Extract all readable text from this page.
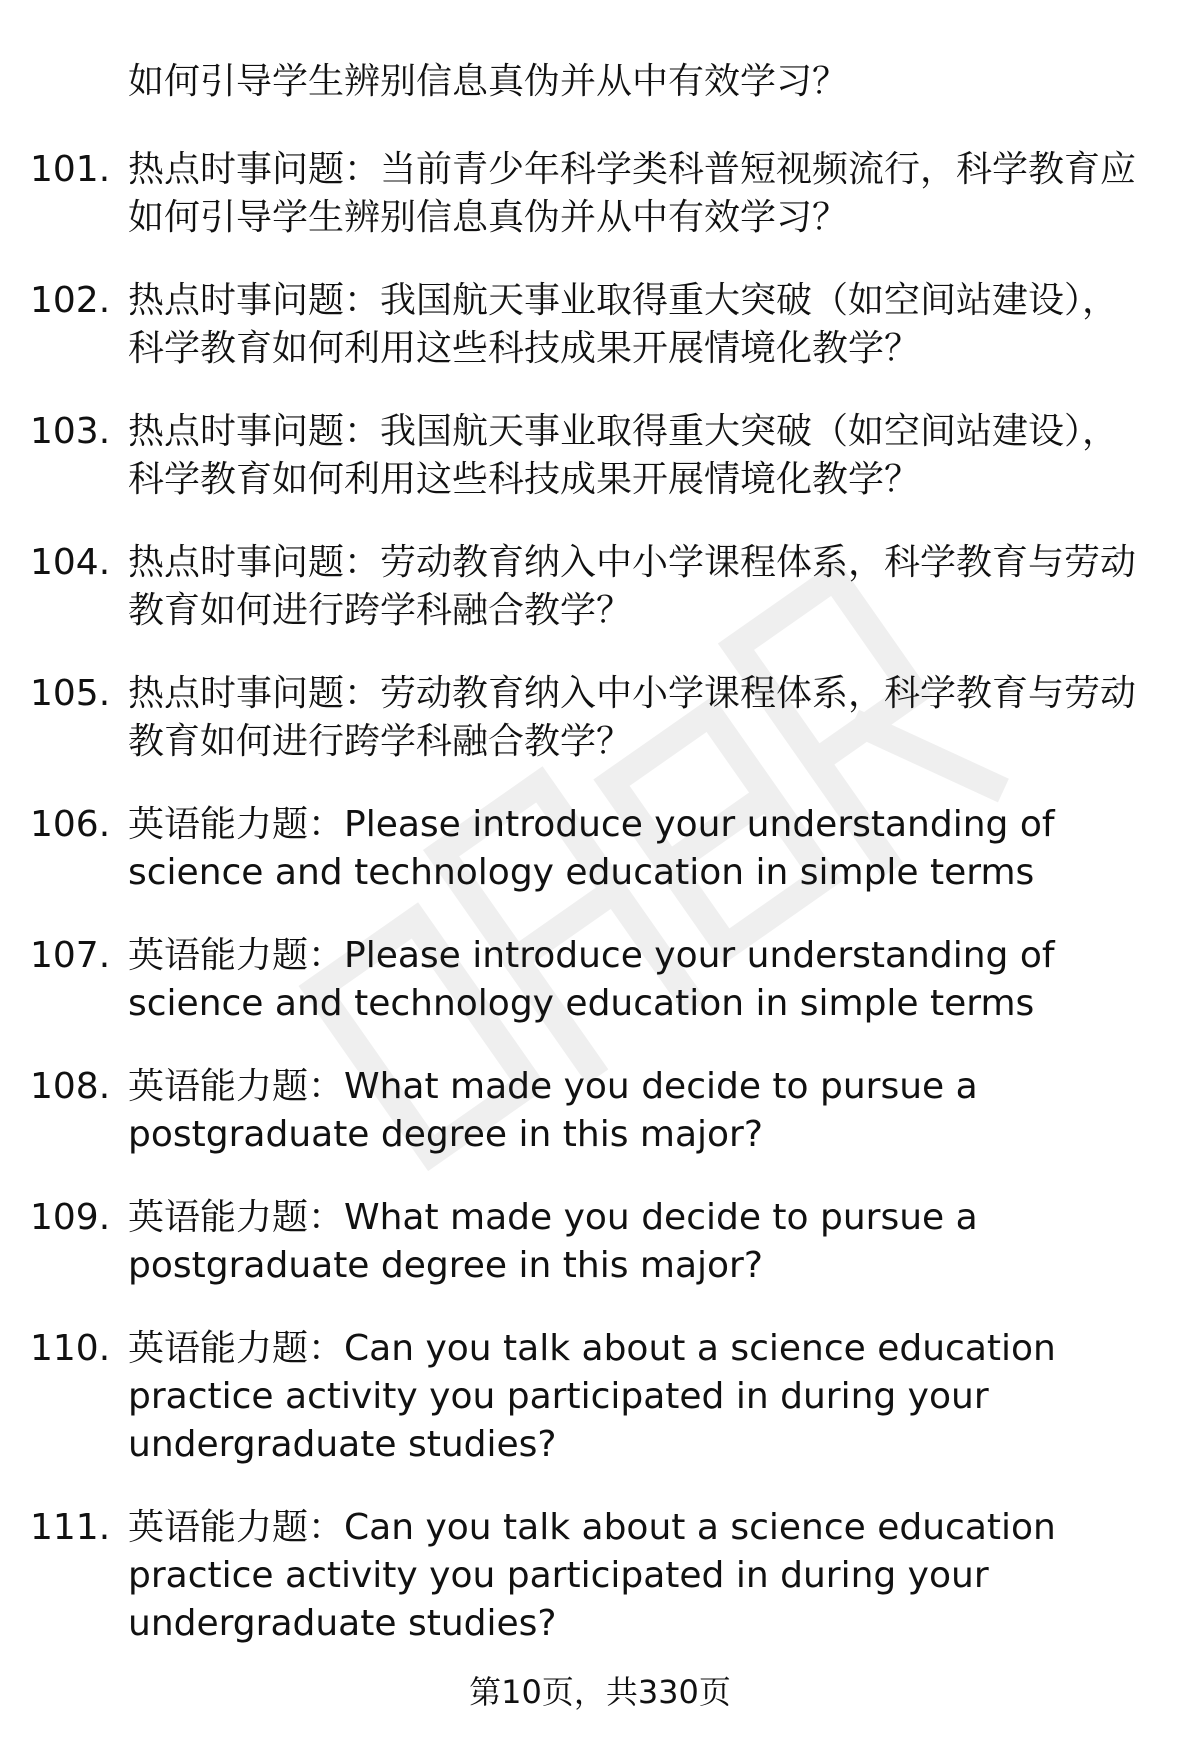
如何引导学生辨别信息真伪并从中有效学习？
101. 热点时事问题：当前青少年科学类科普短视频流行，科学教育应
如何引导学生辨别信息真伪并从中有效学习？
102. 热点时事问题：我国航天事业取得重大突破（如空间站建设），
科学教育如何利用这些科技成果开展情境化教学？
103. 热点时事问题：我国航天事业取得重大突破（如空间站建设），
科学教育如何利用这些科技成果开展情境化教学？
104. 热点时事问题：劳动教育纳入中小学课程体系，科学教育与劳动
教育如何进行跨学科融合教学？
105. 热点时事问题：劳动教育纳入中小学课程体系，科学教育与劳动
教育如何进行跨学科融合教学？
106. 英语能力题：Please introduce your understanding of
science and technology education in simple terms
107. 英语能力题：Please introduce your understanding of
science and technology education in simple terms
108. 英语能力题：What made you decide to pursue a
postgraduate degree in this major?
109. 英语能力题：What made you decide to pursue a
postgraduate degree in this major?
110. 英语能力题：Can you talk about a science education
practice activity you participated in during your
undergraduate studies?
111. 英语能力题：Can you talk about a science education
practice activity you participated in during your
undergraduate studies?
第10页，共330页
